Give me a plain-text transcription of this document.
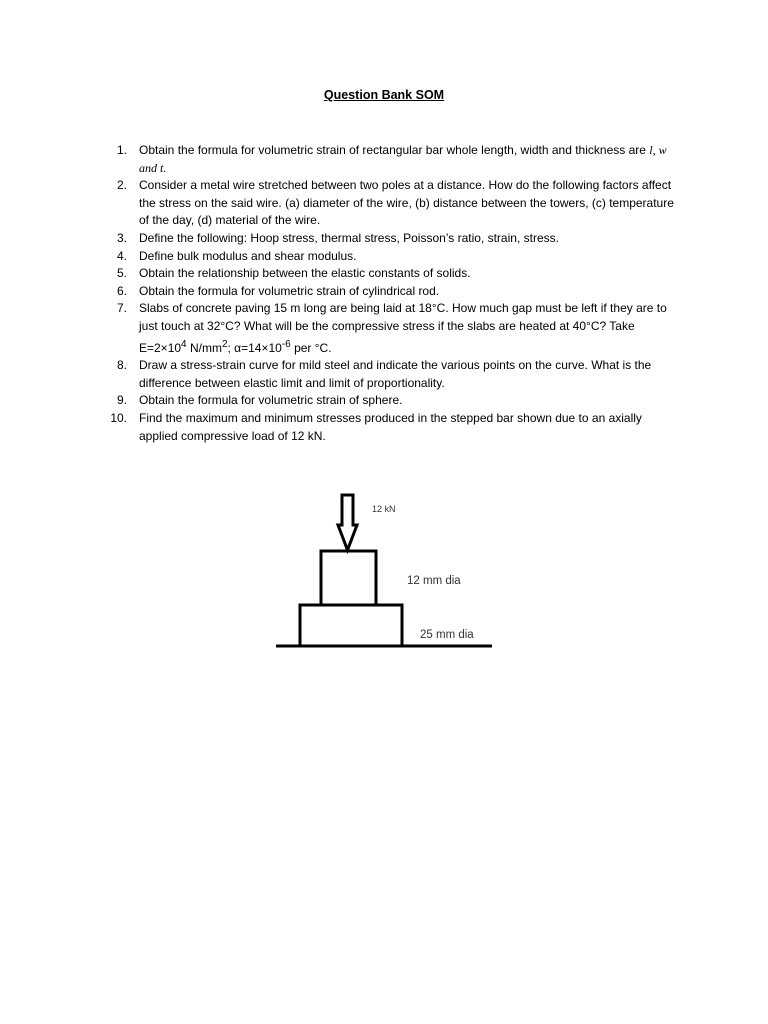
Question Bank SOM
1. Obtain the formula for volumetric strain of rectangular bar whole length, width and thickness are l, w and t.
2. Consider a metal wire stretched between two poles at a distance. How do the following factors affect the stress on the said wire. (a) diameter of the wire, (b) distance between the towers, (c) temperature of the day, (d) material of the wire.
3. Define the following: Hoop stress, thermal stress, Poisson’s ratio, strain, stress.
4. Define bulk modulus and shear modulus.
5. Obtain the relationship between the elastic constants of solids.
6. Obtain the formula for volumetric strain of cylindrical rod.
7. Slabs of concrete paving 15 m long are being laid at 18°C. How much gap must be left if they are to just touch at 32°C? What will be the compressive stress if the slabs are heated at 40°C? Take $E=2\times 10^4$ $N/mm^2$; $\alpha=14\times 10^{-6}$ per °C.
8. Draw a stress-strain curve for mild steel and indicate the various points on the curve. What is the difference between elastic limit and limit of proportionality.
9. Obtain the formula for volumetric strain of sphere.
10. Find the maximum and minimum stresses produced in the stepped bar shown due to an axially applied compressive load of 12 kN.
12 kN
12 mm dia
25 mm dia
